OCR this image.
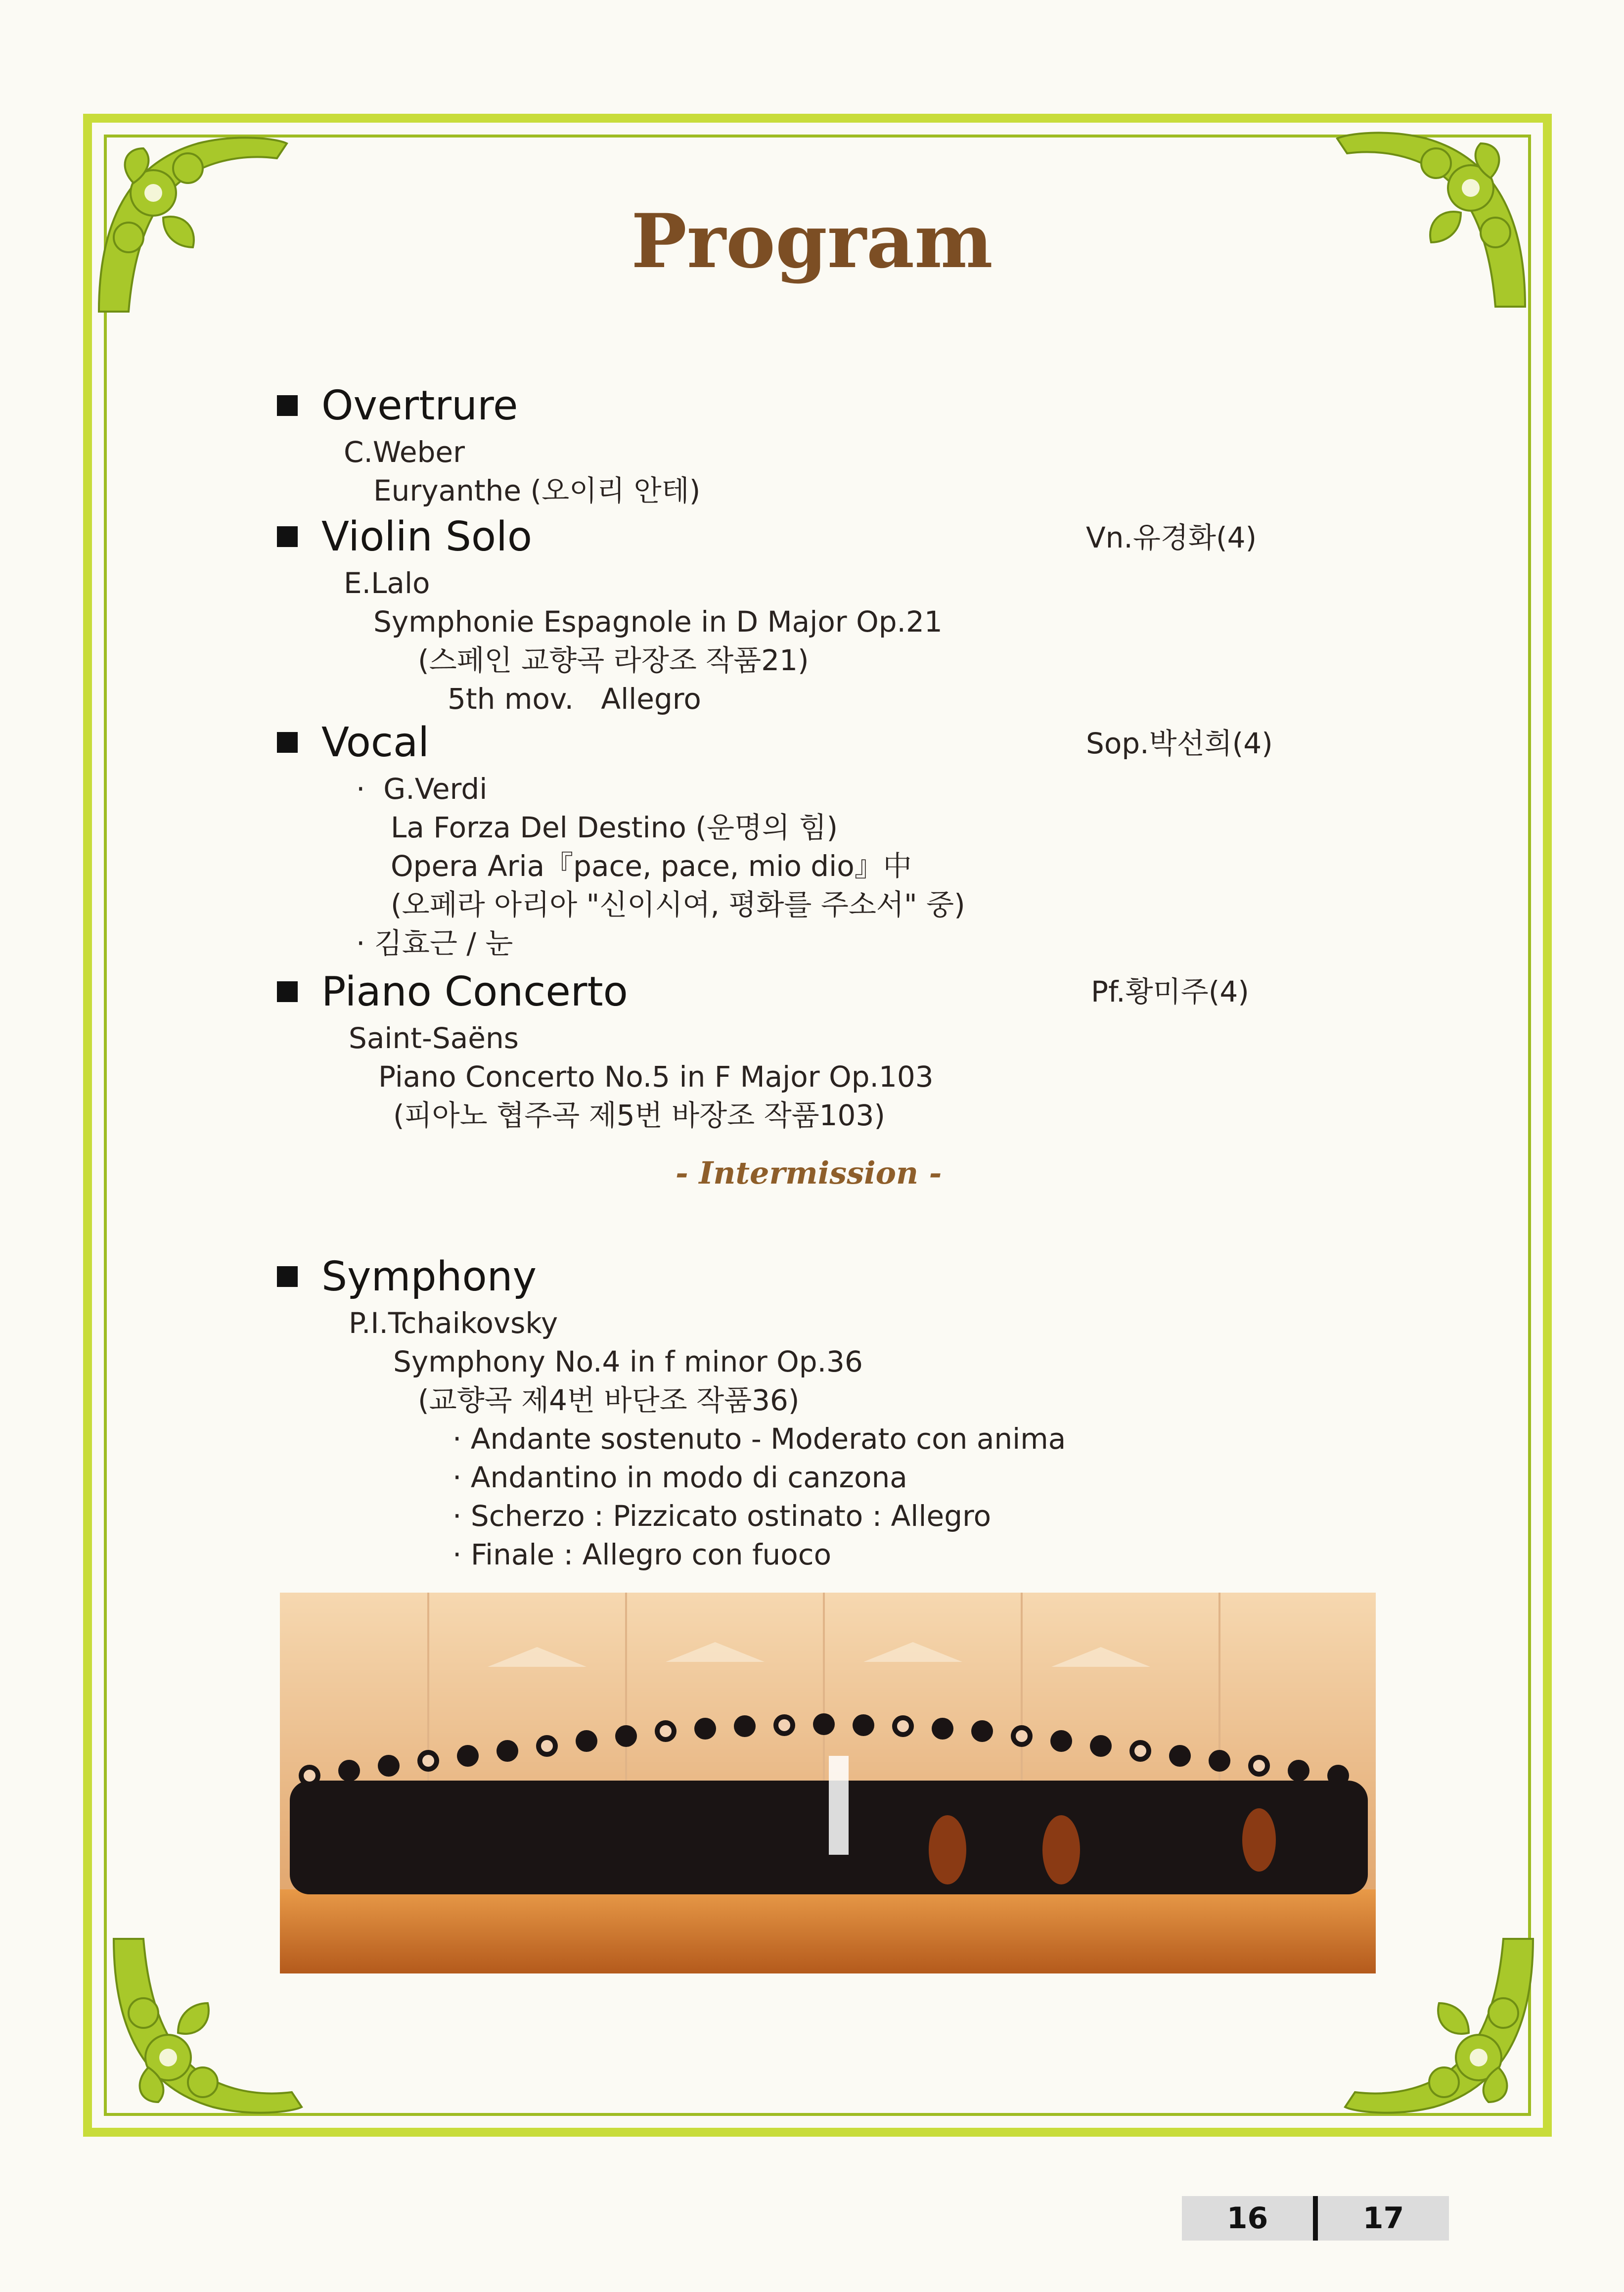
Program
Overtrure
C.Weber
Euryanthe (오이리 안테)
Violin Solo
E.Lalo
Symphonie Espagnole in D Major Op.21
(스페인 교향곡 라장조 작품21)
5th mov.   Allegro
Vn.유경화(4)
Vocal
·  G.Verdi
La Forza Del Destino (운명의 힘)
Opera Aria『pace, pace, mio dio』中
(오페라 아리아 "신이시여, 평화를 주소서" 중)
· 김효근 / 눈
Sop.박선희(4)
Piano Concerto
Saint-Saëns
Piano Concerto No.5 in F Major Op.103
(피아노 협주곡 제5번 바장조 작품103)
Pf.황미주(4)
- Intermission -
Symphony
P.I.Tchaikovsky
Symphony No.4 in f minor Op.36
(교향곡 제4번 바단조 작품36)
· Andante sostenuto - Moderato con anima
· Andantino in modo di canzona
· Scherzo : Pizzicato ostinato : Allegro
· Finale : Allegro con fuoco
16	17
